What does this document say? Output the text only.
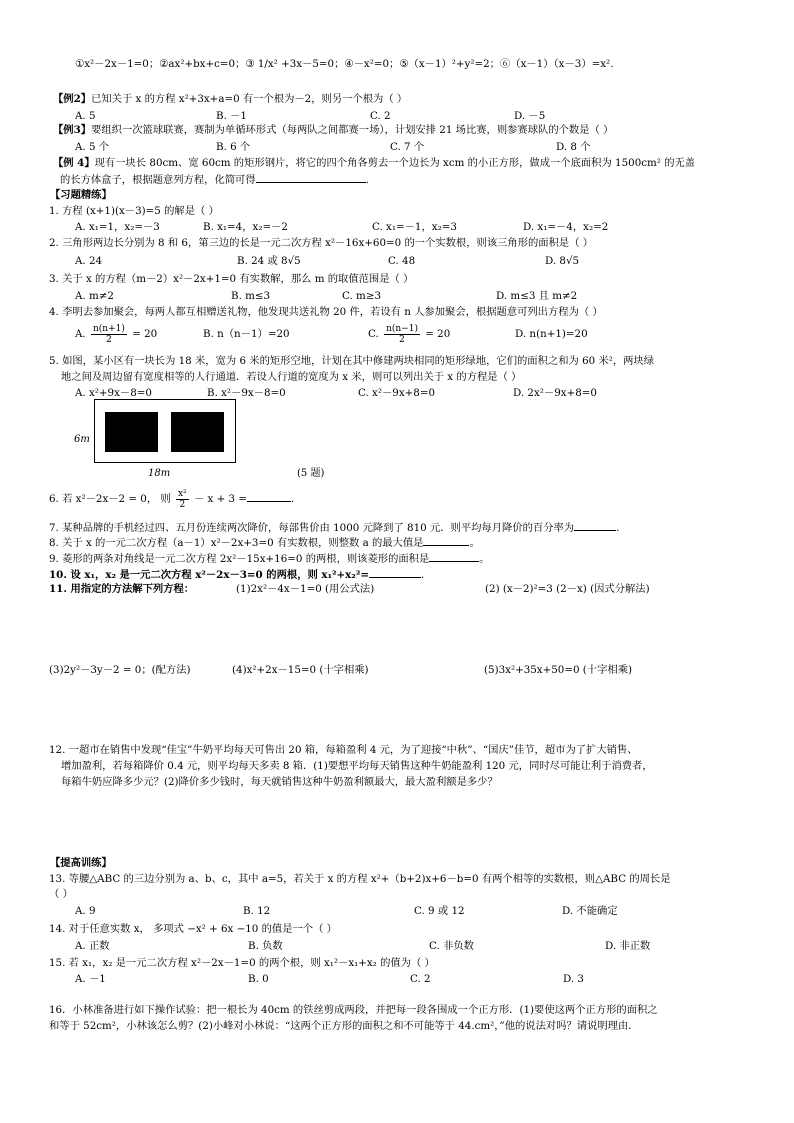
①x²－2x－1=0；②ax²+bx+c=0；③ 1/x² +3x－5=0；④－x²=0；⑤（x－1）²+y²=2；⑥（x－1）（x－3）=x².
【例2】已知关于 x 的方程 x²+3x+a=0 有一个根为－2，则另一个根为（ ）
A. 5	B. －1	C. 2	D. －5
【例3】要组织一次篮球联赛，赛制为单循环形式（每两队之间都赛一场），计划安排 21 场比赛，则参赛球队的个数是（ ）
A. 5 个	B. 6 个	C. 7 个	D. 8 个
【例 4】现有一块长 80cm、宽 60cm 的矩形钢片，将它的四个角各剪去一个边长为 xcm 的小正方形，做成一个底面积为 1500cm² 的无盖
的长方体盒子，根据题意列方程，化简可得	.
【习题精练】
1. 方程 (x+1)(x－3)=5 的解是（ ）
A. x₁=1，x₂=－3	B. x₁=4，x₂=－2	C. x₁=－1，x₂=3	D. x₁=－4，x₂=2
2. 三角形两边长分别为 8 和 6，第三边的长是一元二次方程 x²－16x+60=0 的一个实数根，则该三角形的面积是（ ）
A. 24	B. 24 或 8√5	C. 48	D. 8√5
3. 关于 x 的方程（m－2）x²－2x+1=0 有实数解，那么 m 的取值范围是（ ）
A. m≠2	B. m≤3	C. m≥3	D. m≤3 且 m≠2
4. 李明去参加聚会，每两人都互相赠送礼物，他发现共送礼物 20 件，若设有 n 人参加聚会，根据题意可列出方程为（ ）
A. $\frac{n(n+1)}{2} = 20$	B. n（n－1）=20	C. $\frac{n(n-1)}{2} = 20$	D. n(n+1)=20
5. 如图，某小区有一块长为 18 米，宽为 6 米的矩形空地，计划在其中修建两块相同的矩形绿地，它们的面积之和为 60 米²，两块绿
地之间及周边留有宽度相等的人行通道．若设人行道的宽度为 x 米，则可以列出关于 x 的方程是（ ）
A. x²+9x－8=0	B. x²－9x－8=0	C. x²－9x+8=0	D. 2x²－9x+8=0
6m
18m	(5 题)
6. 若 x²－2x－2 = 0， 则 $\frac{\text{x²}}{2} - x + 3$ =	.
7. 某种品牌的手机经过四、五月份连续两次降价，每部售价由 1000 元降到了 810 元．则平均每月降价的百分率为	.
8. 关于 x 的一元二次方程（a－1）x²－2x+3=0 有实数根，则整数 a 的最大值是	。
9. 菱形的两条对角线是一元二次方程 2x²－15x+16=0 的两根，则该菱形的面积是	。
10. 设 x₁，x₂ 是一元二次方程 x²－2x－3=0 的两根，则 x₁²+x₂²=	.
11. 用指定的方法解下列方程：	(1)2x²－4x－1=0 (用公式法)	(2) (x－2)²=3 (2－x) (因式分解法)
(3)2y²－3y－2 = 0；(配方法)	(4)x²+2x－15=0 (十字相乘)	(5)3x²+35x+50=0 (十字相乘)
12. 一超市在销售中发现“佳宝”牛奶平均每天可售出 20 箱，每箱盈利 4 元，为了迎接“中秋”、“国庆”佳节，超市为了扩大销售、
增加盈利，若每箱降价 0.4 元，则平均每天多卖 8 箱．(1)要想平均每天销售这种牛奶能盈利 120 元，同时尽可能让利于消费者，
每箱牛奶应降多少元？(2)降价多少钱时，每天就销售这种牛奶盈利额最大，最大盈利额是多少？
【提高训练】
13. 等腰△ABC 的三边分别为 a、b、c，其中 a=5，若关于 x 的方程 x²+（b+2)x+6－b=0 有两个相等的实数根，则△ABC 的周长是
（ ）
A. 9	B. 12	C. 9 或 12	D. 不能确定
14. 对于任意实数 x， 多项式 −x² + 6x −10 的值是一个（ ）
A. 正数	B. 负数	C. 非负数	D. 非正数
15. 若 x₁，x₂ 是一元二次方程 x²－2x－1=0 的两个根，则 x₁²－x₁+x₂ 的值为（ ）
A. －1	B. 0	C. 2	D. 3
16．小林准备进行如下操作试验：把一根长为 40cm 的铁丝剪成两段，并把每一段各围成一个正方形．(1)要使这两个正方形的面积之
和等于 52cm²，小林该怎么剪？(2)小峰对小林说：“这两个正方形的面积之和不可能等于 44.cm²，”他的说法对吗？请说明理由．
